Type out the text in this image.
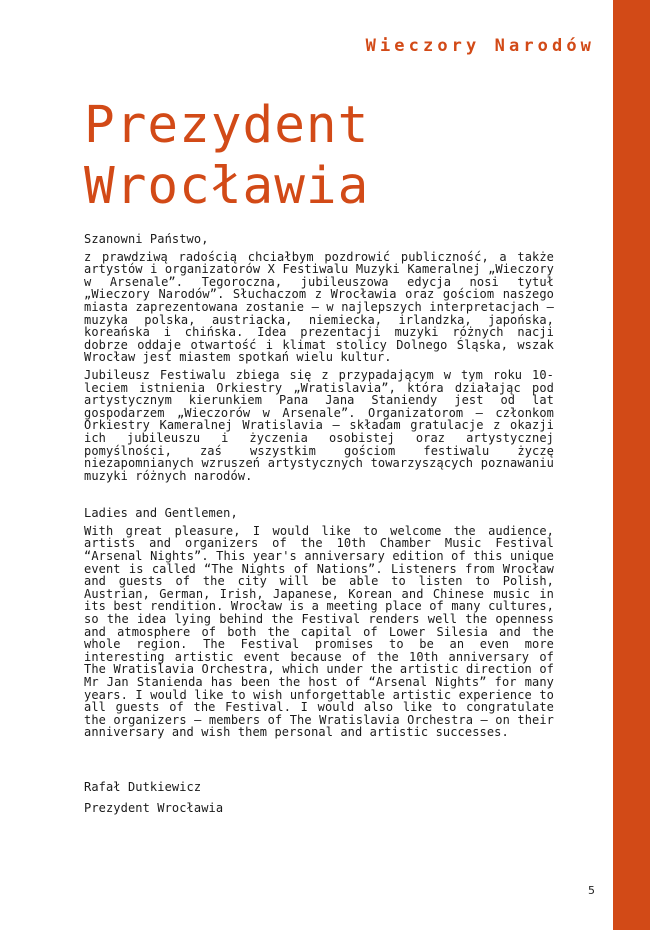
Wieczory Narodów
Prezydent
Wrocławia

Szanowni Państwo,

z prawdziwą radością chciałbym pozdrowić publiczność, a także artystów i organizatorów X Festiwalu Muzyki Kameralnej „Wieczory w Arsenale”. Tegoroczna, jubileuszowa edycja nosi tytuł „Wieczory Narodów”. Słuchaczom z Wrocławia oraz gościom naszego miasta zaprezentowana zostanie – w najlepszych interpretacjach – muzyka polska, austriacka, niemiecka, irlandzka, japońska, koreańska i chińska. Idea prezentacji muzyki różnych nacji dobrze oddaje otwartość i klimat stolicy Dolnego Śląska, wszak Wrocław jest miastem spotkań wielu kultur.

Jubileusz Festiwalu zbiega się z przypadającym w tym roku 10-leciem istnienia Orkiestry „Wratislavia”, która działając pod artystycznym kierunkiem Pana Jana Staniendy jest od lat gospodarzem „Wieczorów w Arsenale”. Organizatorom – członkom Orkiestry Kameralnej Wratislavia – składam gratulacje z okazji ich jubileuszu i życzenia osobistej oraz artystycznej pomyślności, zaś wszystkim gościom festiwalu życzę niezapomnianych wzruszeń artystycznych towarzyszących poznawaniu muzyki różnych narodów.

Ladies and Gentlemen,

With great pleasure, I would like to welcome the audience, artists and organizers of the 10th Chamber Music Festival “Arsenal Nights”. This year's anniversary edition of this unique event is called “The Nights of Nations”. Listeners from Wrocław and guests of the city will be able to listen to Polish, Austrian, German, Irish, Japanese, Korean and Chinese music in its best rendition. Wrocław is a meeting place of many cultures, so the idea lying behind the Festival renders well the openness and atmosphere of both the capital of Lower Silesia and the whole region. The Festival promises to be an even more interesting artistic event because of the 10th anniversary of The Wratislavia Orchestra, which under the artistic direction of Mr Jan Stanienda has been the host of “Arsenal Nights” for many years. I would like to wish unforgettable artistic experience to all guests of the Festival. I would also like to congratulate the organizers – members of The Wratislavia Orchestra – on their anniversary and wish them personal and artistic successes.

Rafał Dutkiewicz

Prezydent Wrocławia

5
